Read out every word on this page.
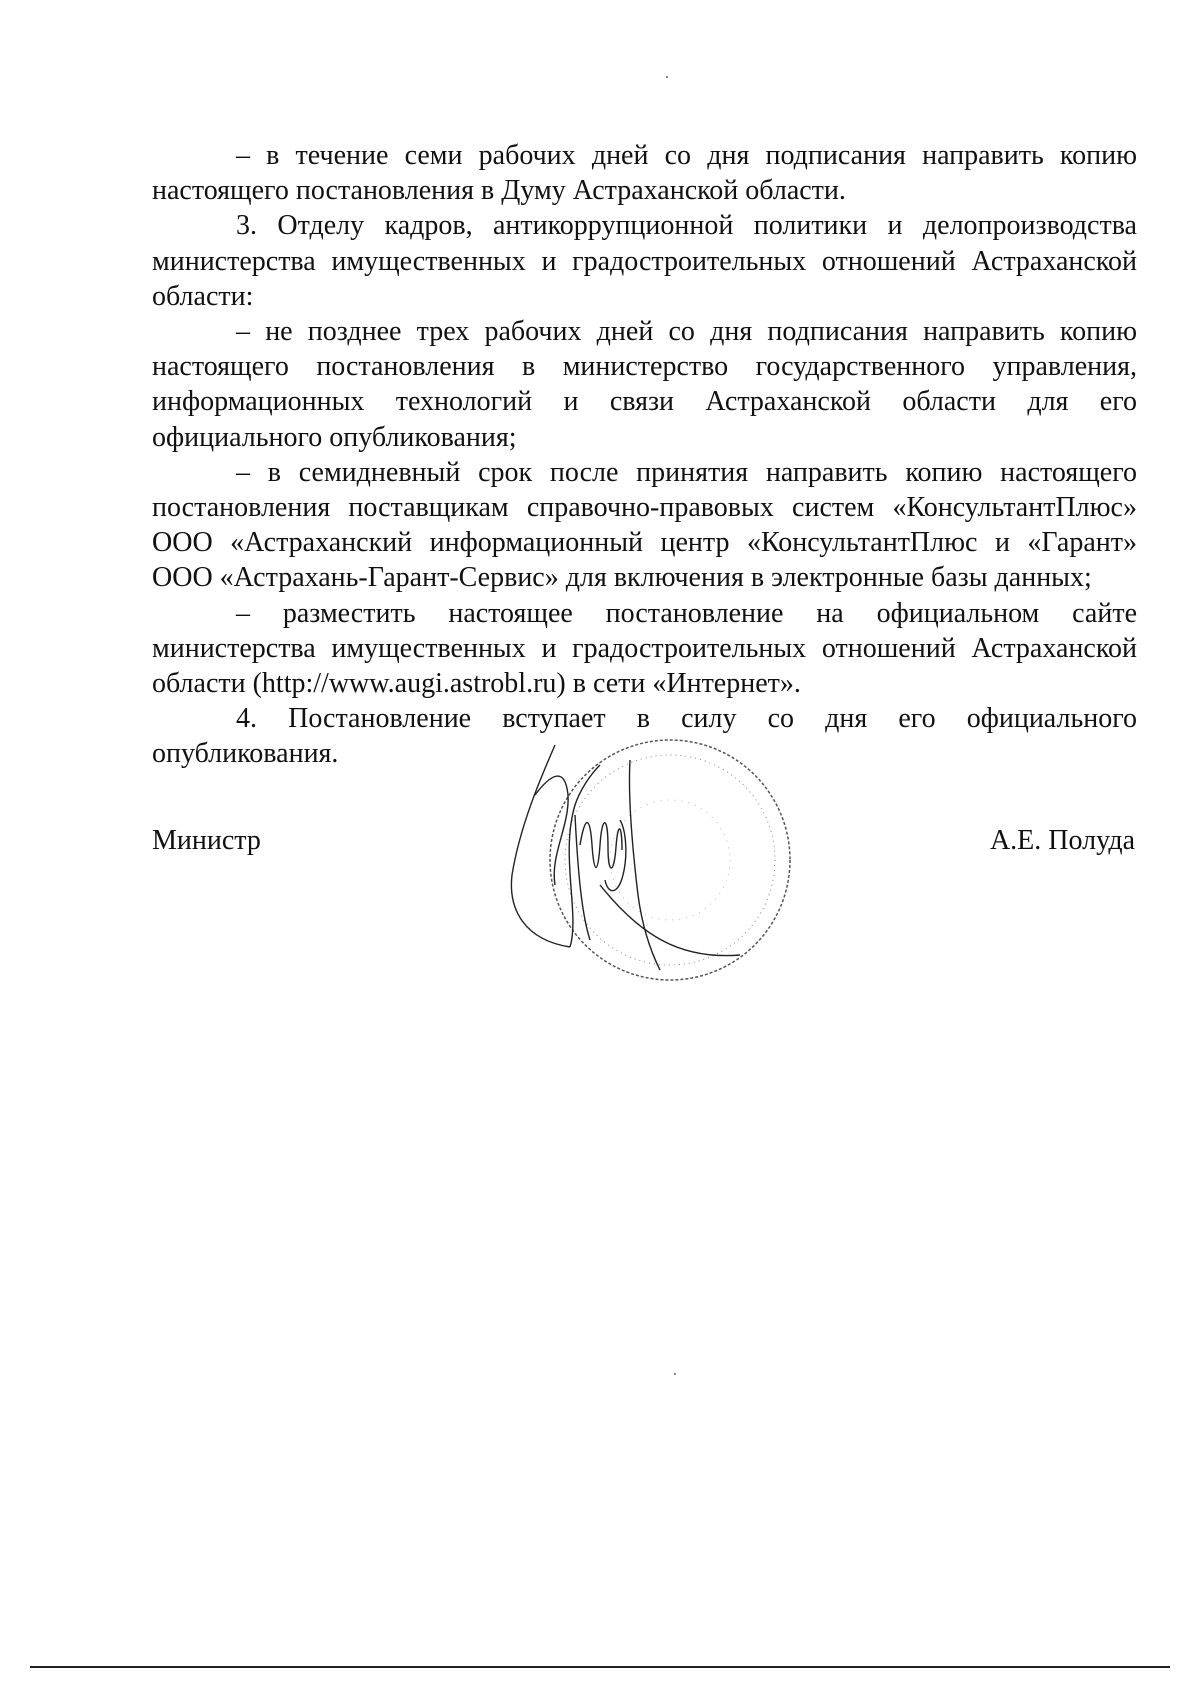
– в течение семи рабочих дней со дня подписания направить копию настоящего постановления в Думу Астраханской области.

3. Отделу кадров, антикоррупционной политики и делопроизводства министерства имущественных и градостроительных отношений Астраханской области:

– не позднее трех рабочих дней со дня подписания направить копию настоящего постановления в министерство государственного управления, информационных технологий и связи Астраханской области для его официального опубликования;

– в семидневный срок после принятия направить копию настоящего постановления поставщикам справочно-правовых систем «КонсультантПлюс» ООО «Астраханский информационный центр «КонсультантПлюс и «Гарант» ООО «Астрахань-Гарант-Сервис» для включения в электронные базы данных;

– разместить настоящее постановление на официальном сайте министерства имущественных и градостроительных отношений Астраханской области (http://www.augi.astrobl.ru) в сети «Интернет».

4. Постановление вступает в силу со дня его официального опубликования.

Министр	А.Е. Полуда
